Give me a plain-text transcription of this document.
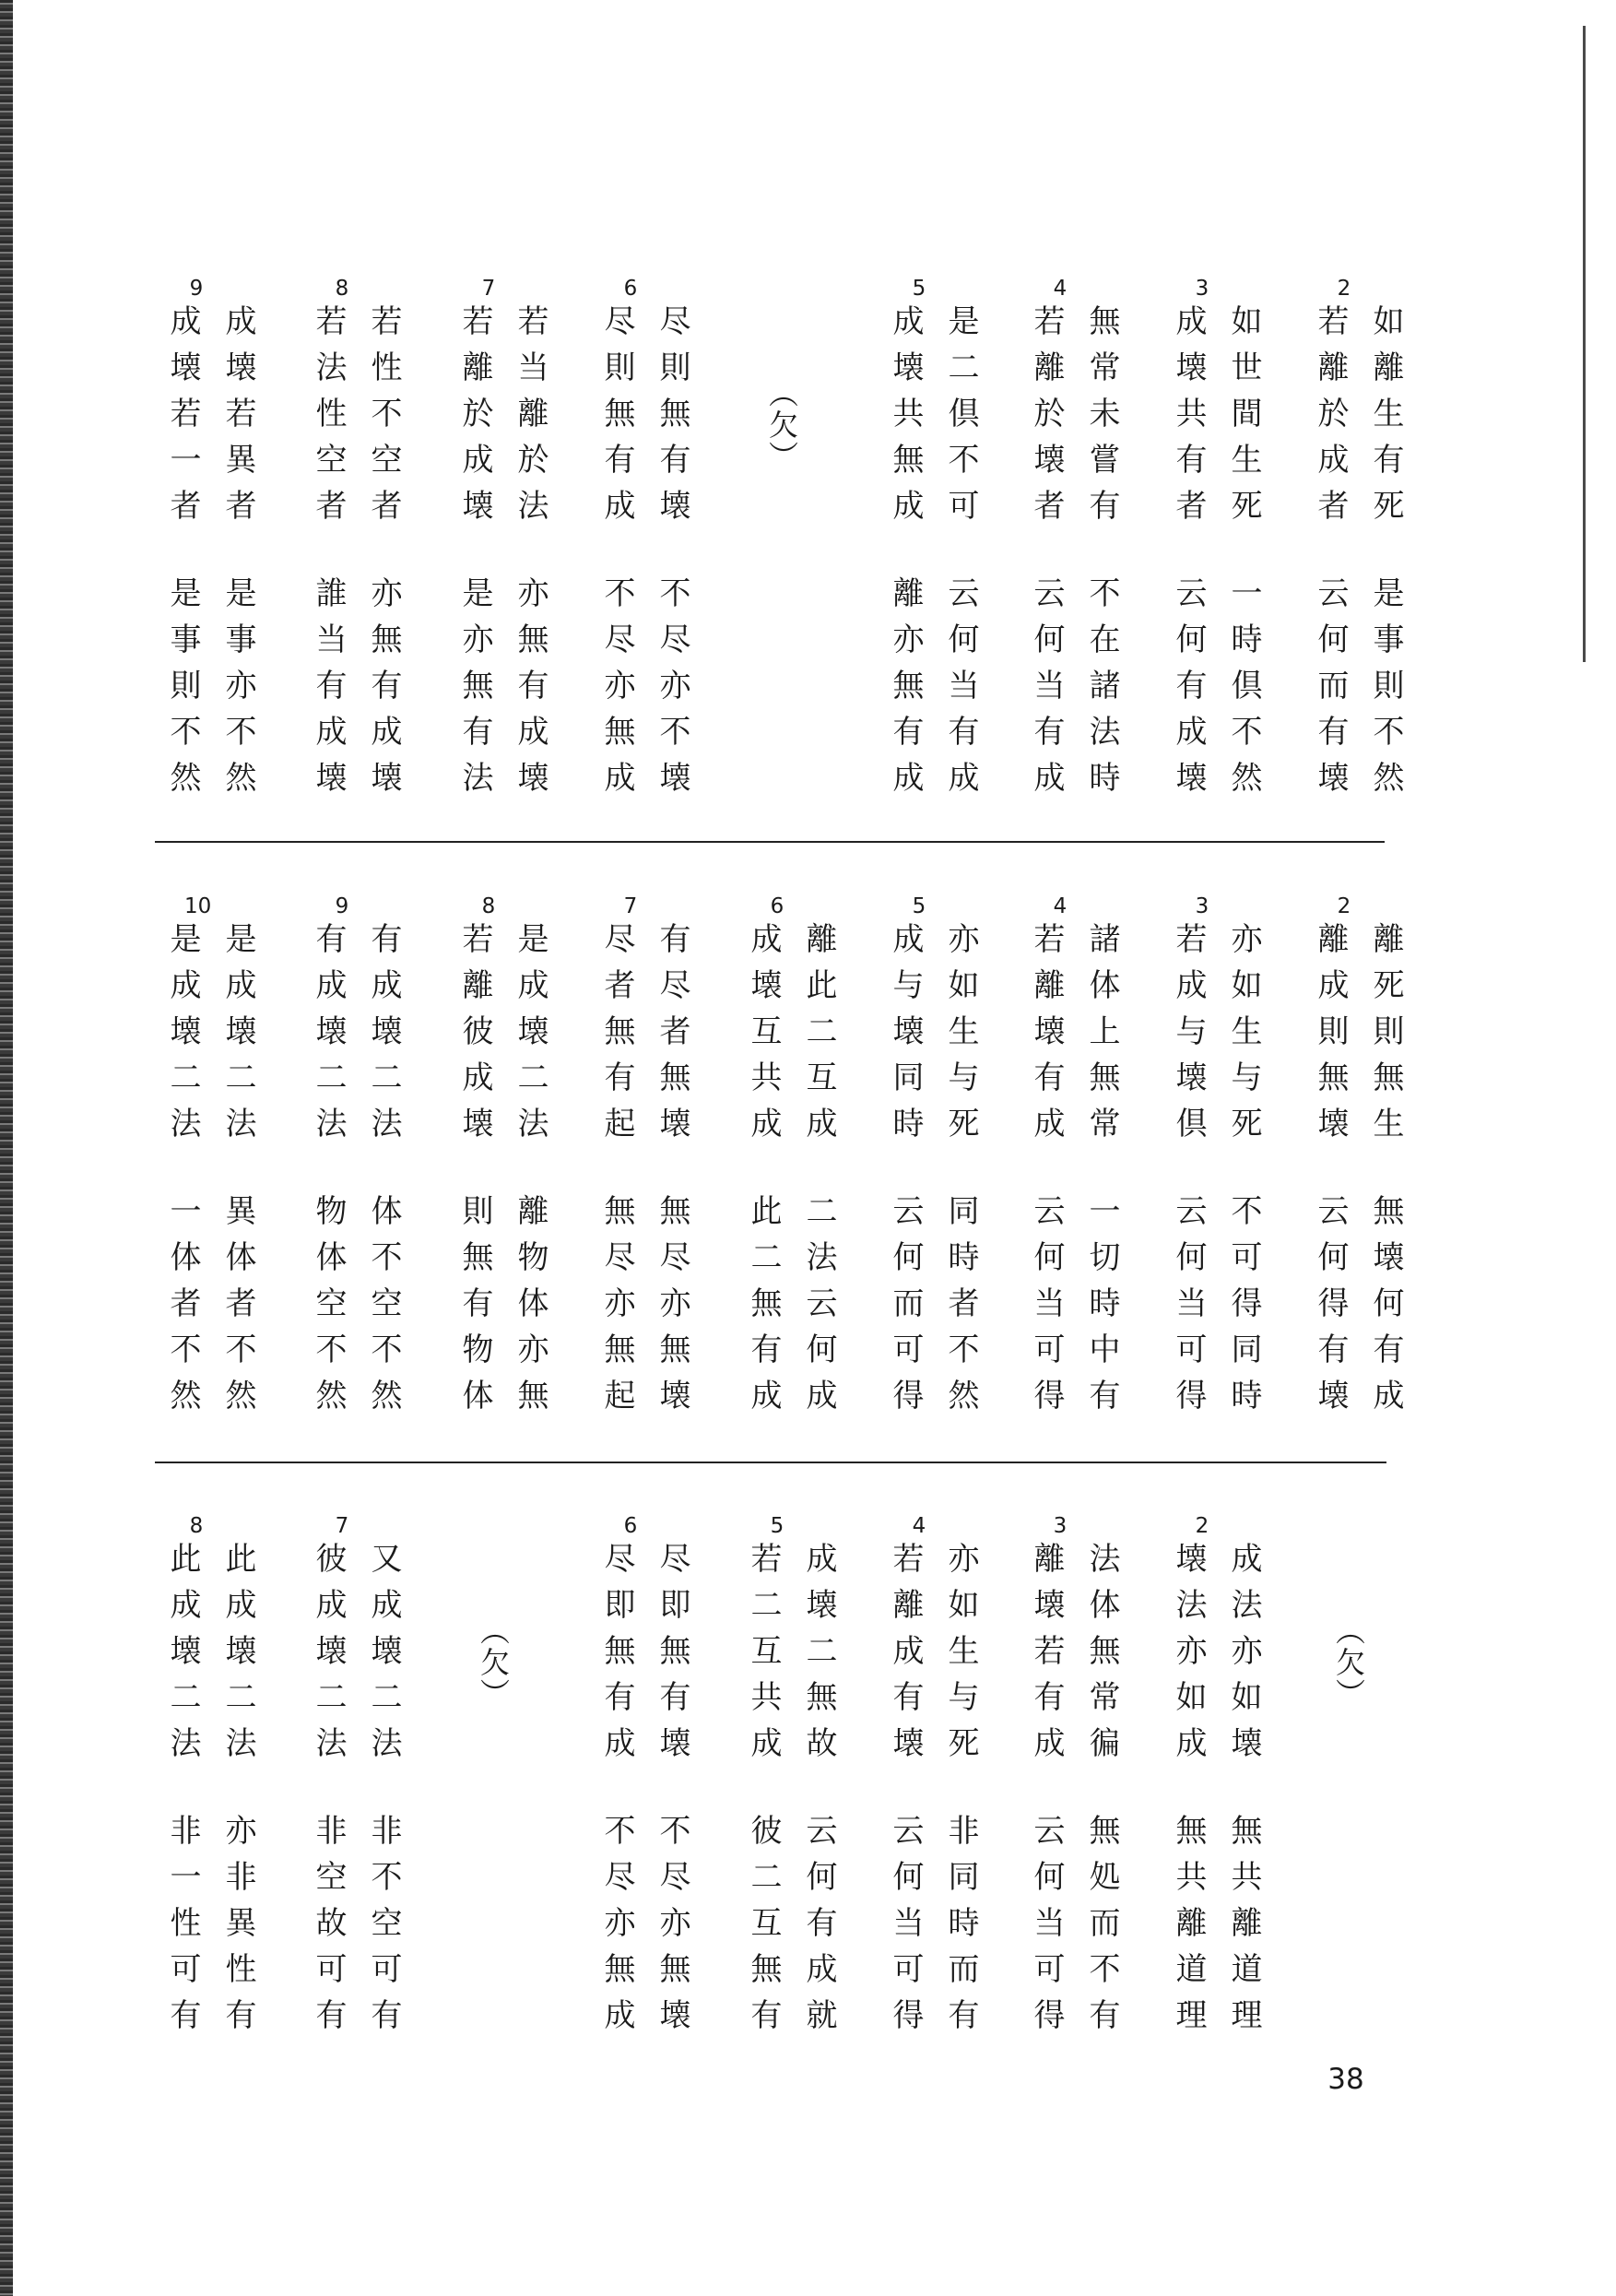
2
如離生有死
若離於成者
是事則不然
云何而有壊
3
如世間生死
成壊共有者
一時倶不然
云何有成壊
4
無常未嘗有
若離於壊者
不在諸法時
云何当有成
5
是二倶不可
成壊共無成
云何当有成
離亦無有成
（欠）
6
尽則無有壊
尽則無有成
不尽亦不壊
不尽亦無成
7
若当離於法
若離於成壊
亦無有成壊
是亦無有法
8
若性不空者
若法性空者
亦無有成壊
誰当有成壊
9
成壊若異者
成壊若一者
是事亦不然
是事則不然
2
離死則無生
離成則無壊
無壊何有成
云何得有壊
3
亦如生与死
若成与壊倶
不可得同時
云何当可得
4
諸体上無常
若離壊有成
一切時中有
云何当可得
5
亦如生与死
成与壊同時
同時者不然
云何而可得
6
離此二互成
成壊互共成
二法云何成
此二無有成
7
有尽者無壊
尽者無有起
無尽亦無壊
無尽亦無起
8
是成壊二法
若離彼成壊
離物体亦無
則無有物体
9
有成壊二法
有成壊二法
体不空不然
物体空不然
10
是成壊二法
是成壊二法
異体者不然
一体者不然
（欠）
2
成法亦如壊
壊法亦如成
無共離道理
無共離道理
3
法体無常徧
離壊若有成
無処而不有
云何当可得
4
亦如生与死
若離成有壊
非同時而有
云何当可得
5
成壊二無故
若二互共成
云何有成就
彼二互無有
6
尽即無有壊
尽即無有成
不尽亦無壊
不尽亦無成
（欠）
7
又成壊二法
彼成壊二法
非不空可有
非空故可有
8
此成壊二法
此成壊二法
亦非異性有
非一性可有
38
